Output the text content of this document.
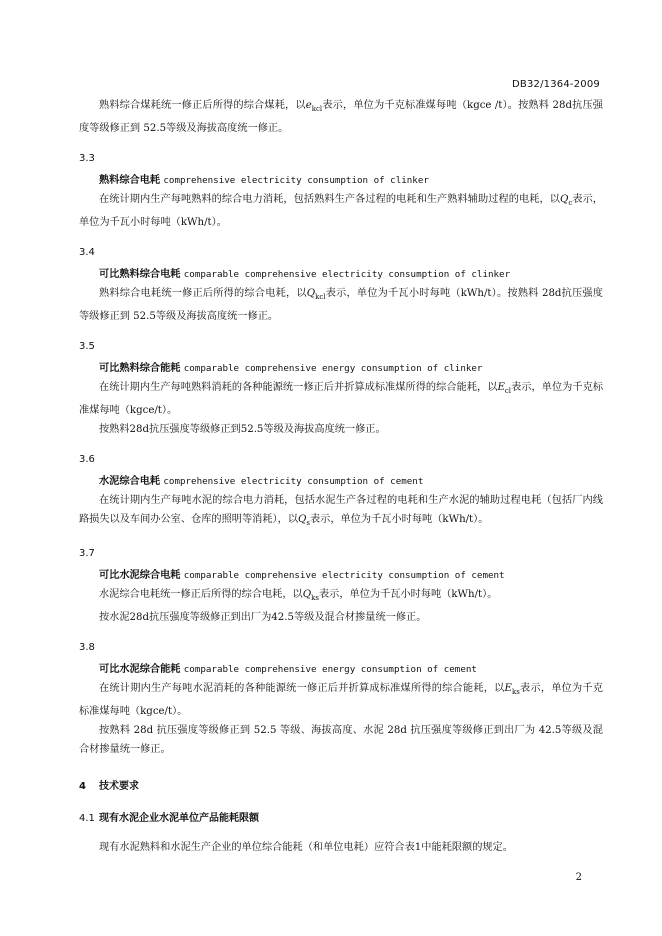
DB32/1364-2009

熟料综合煤耗统一修正后所得的综合煤耗，以$e_{kcl}$表示，单位为千克标准煤每吨（kgce /t）。按熟料 28d抗压强度等级修正到 52.5等级及海拔高度统一修正。

3.3
熟料综合电耗 comprehensive electricity consumption of clinker

在统计期内生产每吨熟料的综合电力消耗，包括熟料生产各过程的电耗和生产熟料辅助过程的电耗，以$Q_c$表示，单位为千瓦小时每吨（kWh/t）。

3.4
可比熟料综合电耗 comparable comprehensive electricity consumption of clinker

熟料综合电耗统一修正后所得的综合电耗，以$Q_{kcl}$表示，单位为千瓦小时每吨（kWh/t）。按熟料 28d抗压强度等级修正到 52.5等级及海拔高度统一修正。

3.5
可比熟料综合能耗 comparable comprehensive energy consumption of clinker

在统计期内生产每吨熟料消耗的各种能源统一修正后并折算成标准煤所得的综合能耗，以$E_{cl}$表示，单位为千克标准煤每吨（kgce/t）。

按熟料28d抗压强度等级修正到52.5等级及海拔高度统一修正。

3.6
水泥综合电耗 comprehensive electricity consumption of cement

在统计期内生产每吨水泥的综合电力消耗，包括水泥生产各过程的电耗和生产水泥的辅助过程电耗（包括厂内线路损失以及车间办公室、仓库的照明等消耗），以$Q_s$表示，单位为千瓦小时每吨（kWh/t）。

3.7
可比水泥综合电耗 comparable comprehensive electricity consumption of cement

水泥综合电耗统一修正后所得的综合电耗，以$Q_{ks}$表示，单位为千瓦小时每吨（kWh/t）。

按水泥28d抗压强度等级修正到出厂为42.5等级及混合材掺量统一修正。

3.8
可比水泥综合能耗 comparable comprehensive energy consumption of cement

在统计期内生产每吨水泥消耗的各种能源统一修正后并折算成标准煤所得的综合能耗，以$E_{ks}$表示，单位为千克标准煤每吨（kgce/t）。

按熟料 28d 抗压强度等级修正到 52.5 等级、海拔高度、水泥 28d 抗压强度等级修正到出厂为 42.5等级及混合材掺量统一修正。

4 技术要求
4.1 现有水泥企业水泥单位产品能耗限额

现有水泥熟料和水泥生产企业的单位综合能耗（和单位电耗）应符合表1中能耗限额的规定。

2
